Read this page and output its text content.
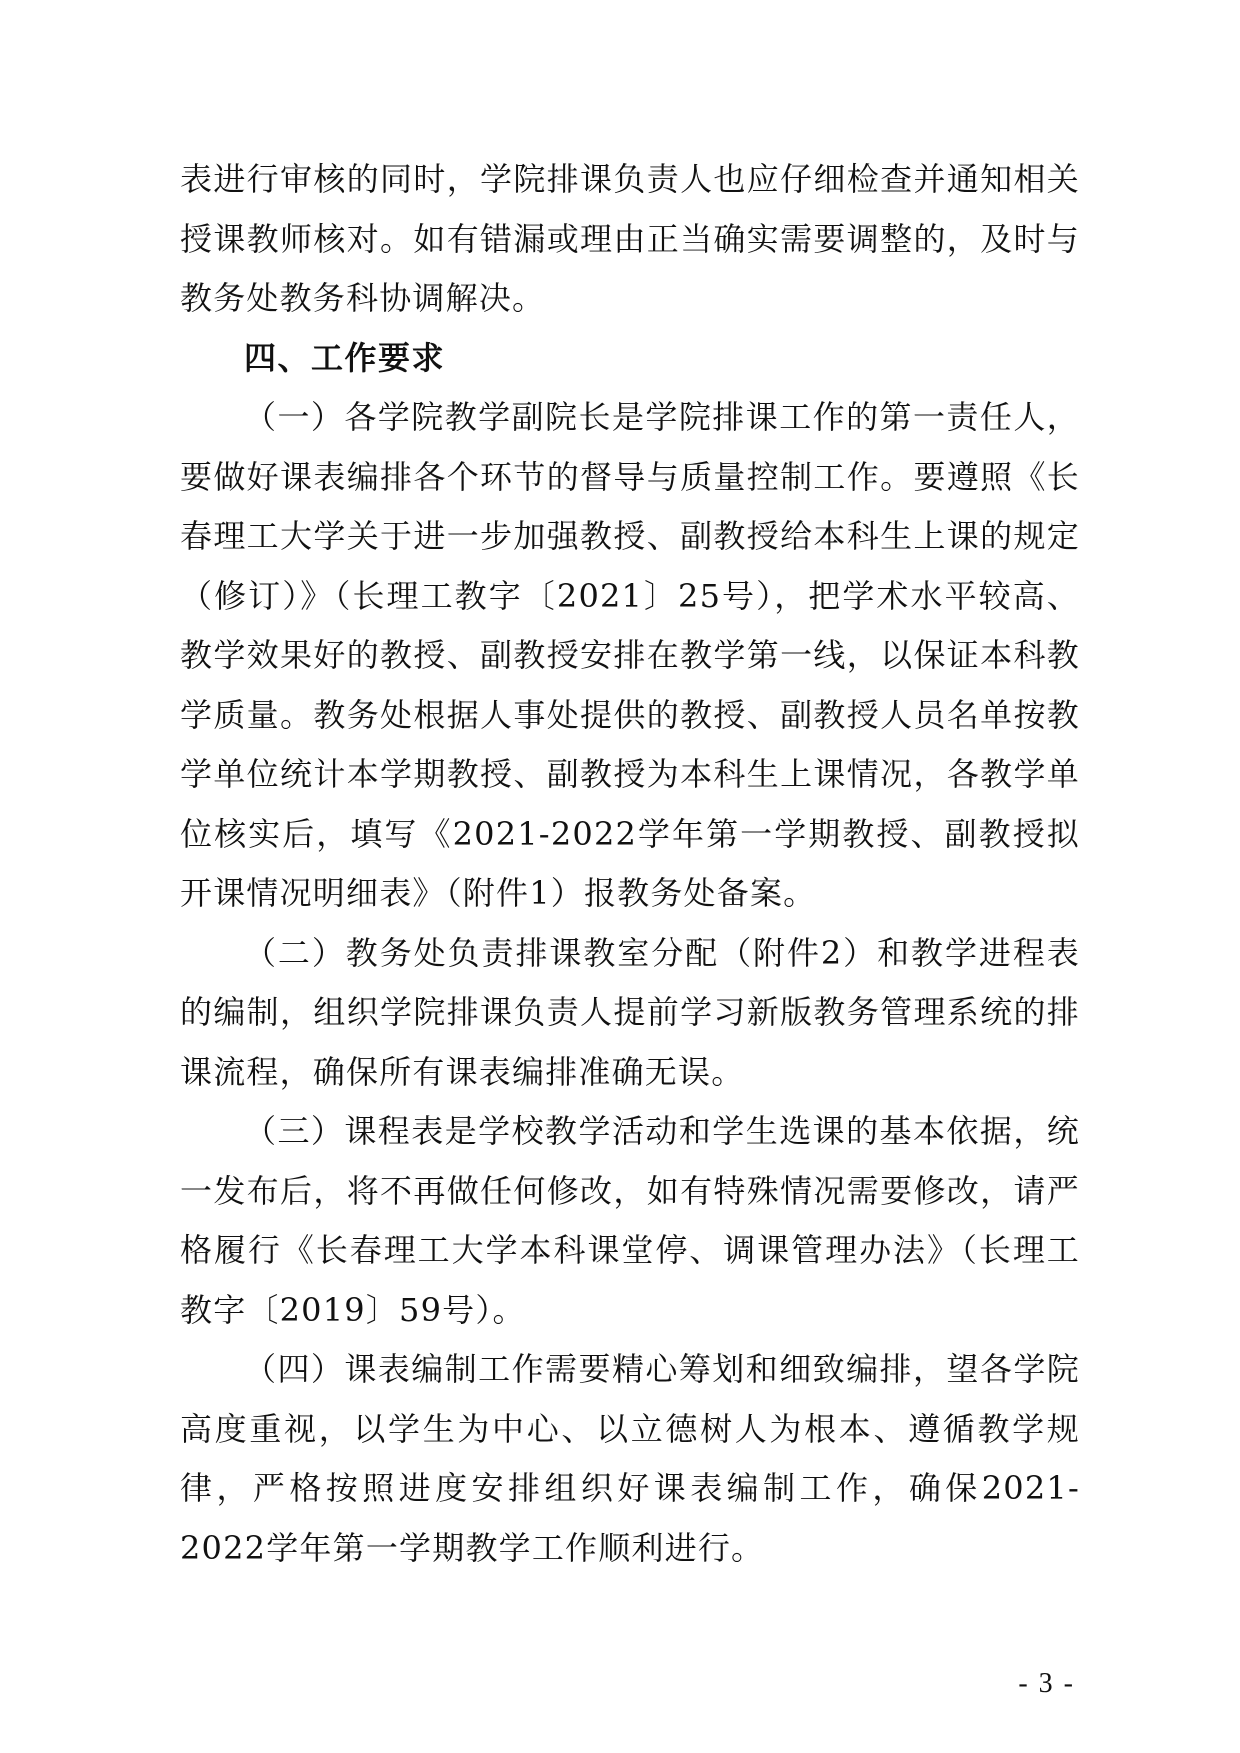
表进行审核的同时，学院排课负责人也应仔细检查并通知相关授课教师核对。如有错漏或理由正当确实需要调整的，及时与教务处教务科协调解决。

四、工作要求

（一）各学院教学副院长是学院排课工作的第一责任人，要做好课表编排各个环节的督导与质量控制工作。要遵照《长春理工大学关于进一步加强教授、副教授给本科生上课的规定（修订）》（长理工教字〔2021〕25号），把学术水平较高、教学效果好的教授、副教授安排在教学第一线，以保证本科教学质量。教务处根据人事处提供的教授、副教授人员名单按教学单位统计本学期教授、副教授为本科生上课情况，各教学单位核实后，填写《2021-2022学年第一学期教授、副教授拟开课情况明细表》（附件1）报教务处备案。

（二）教务处负责排课教室分配（附件2）和教学进程表的编制，组织学院排课负责人提前学习新版教务管理系统的排课流程，确保所有课表编排准确无误。

（三）课程表是学校教学活动和学生选课的基本依据，统一发布后，将不再做任何修改，如有特殊情况需要修改，请严格履行《长春理工大学本科课堂停、调课管理办法》（长理工教字〔2019〕59号）。

（四）课表编制工作需要精心筹划和细致编排，望各学院高度重视，以学生为中心、以立德树人为根本、遵循教学规律，严格按照进度安排组织好课表编制工作，确保2021-2022学年第一学期教学工作顺利进行。

- 3 -
